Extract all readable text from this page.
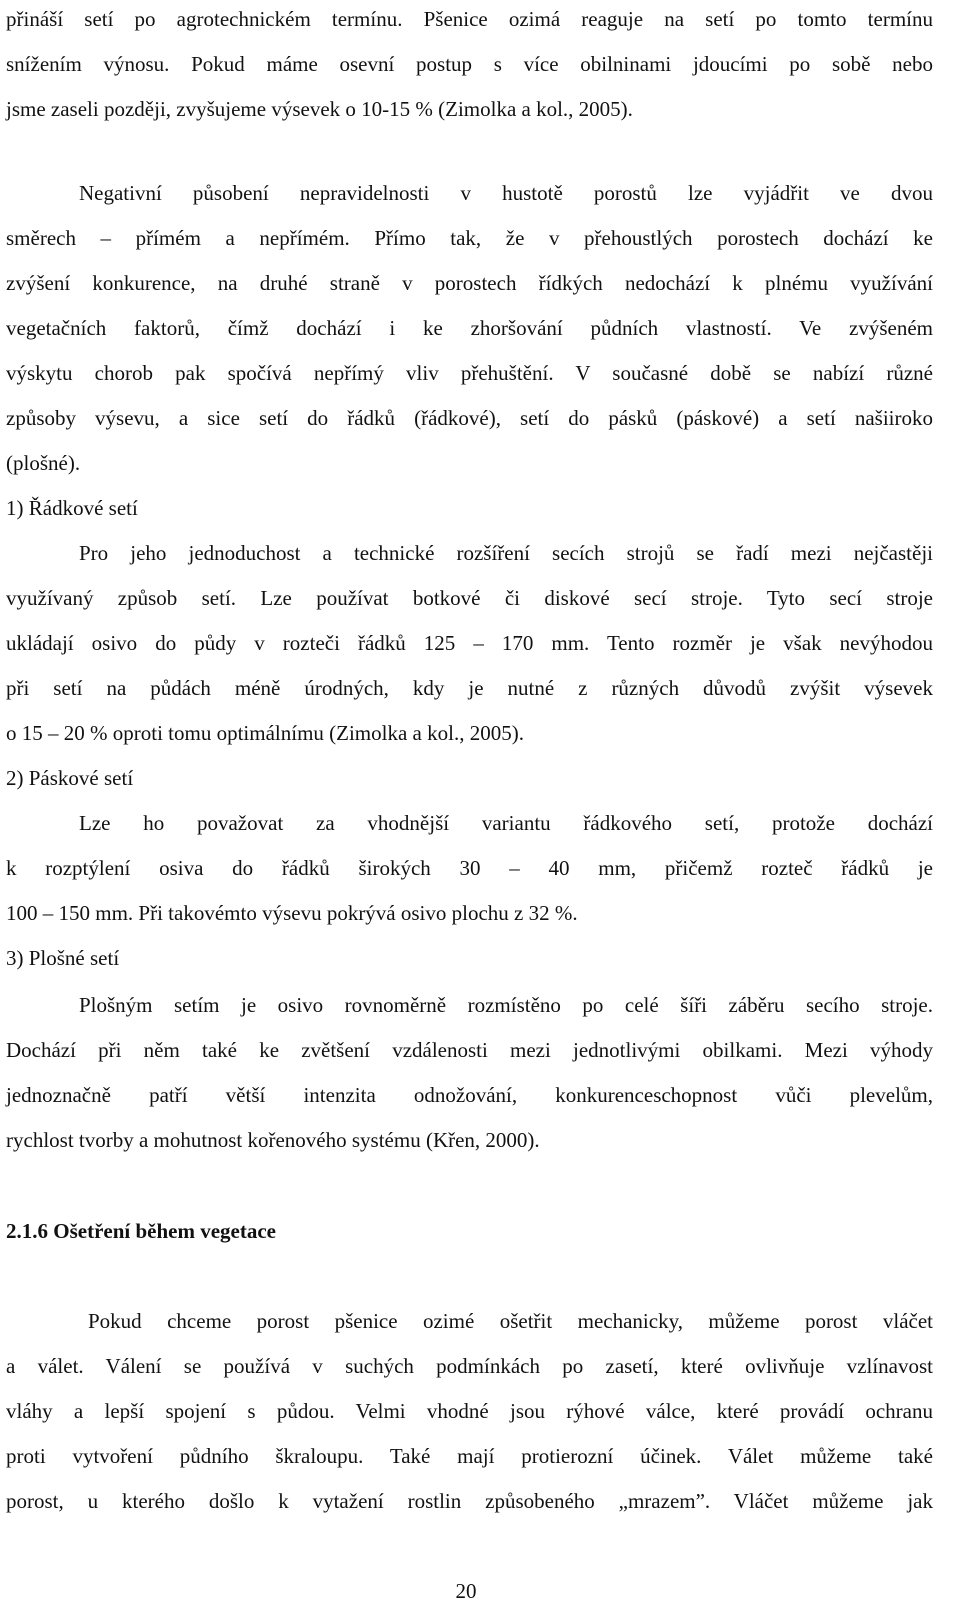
přináší setí po agrotechnickém termínu. Pšenice ozimá reaguje na setí po tomto termínu
snížením výnosu. Pokud máme osevní postup s více obilninami jdoucími po sobě nebo
jsme zaseli později, zvyšujeme výsevek o 10-15 % (Zimolka a kol., 2005).
Negativní působení nepravidelnosti v hustotě porostů lze vyjádřit ve dvou
směrech – přímém a nepřímém. Přímo tak, že v přehoustlých porostech dochází ke
zvýšení konkurence, na druhé straně v porostech řídkých nedochází k plnému využívání
vegetačních faktorů, čímž dochází i ke zhoršování půdních vlastností. Ve zvýšeném
výskytu chorob pak spočívá nepřímý vliv přehuštění. V současné době se nabízí různé
způsoby výsevu, a sice setí do řádků (řádkové), setí do pásků (páskové) a setí našiiroko
(plošné).
1) Řádkové setí
Pro jeho jednoduchost a technické rozšíření secích strojů se řadí mezi nejčastěji
využívaný způsob setí. Lze používat botkové či diskové secí stroje. Tyto secí stroje
ukládají osivo do půdy v rozteči řádků 125 – 170 mm. Tento rozměr je však nevýhodou
při setí na půdách méně úrodných, kdy je nutné z různých důvodů zvýšit výsevek
o 15 – 20 % oproti tomu optimálnímu (Zimolka a kol., 2005).
2) Páskové setí
Lze ho považovat za vhodnější variantu řádkového setí, protože dochází
k rozptýlení osiva do řádků širokých 30 – 40 mm, přičemž rozteč řádků je
100 – 150 mm. Při takovémto výsevu pokrývá osivo plochu z 32 %.
3) Plošné setí
Plošným setím je osivo rovnoměrně rozmístěno po celé šíři záběru secího stroje.
Dochází při něm také ke zvětšení vzdálenosti mezi jednotlivými obilkami. Mezi výhody
jednoznačně patří větší intenzita odnožování, konkurenceschopnost vůči plevelům,
rychlost tvorby a mohutnost kořenového systému (Křen, 2000).
2.1.6 Ošetření během vegetace
Pokud chceme porost pšenice ozimé ošetřit mechanicky, můžeme porost vláčet
a válet. Válení se používá v suchých podmínkách po zasetí, které ovlivňuje vzlínavost
vláhy a lepší spojení s půdou. Velmi vhodné jsou rýhové válce, které provádí ochranu
proti vytvoření půdního škraloupu. Také mají protierozní účinek. Válet můžeme také
porost, u kterého došlo k vytažení rostlin způsobeného „mrazem”. Vláčet můžeme jak
20
